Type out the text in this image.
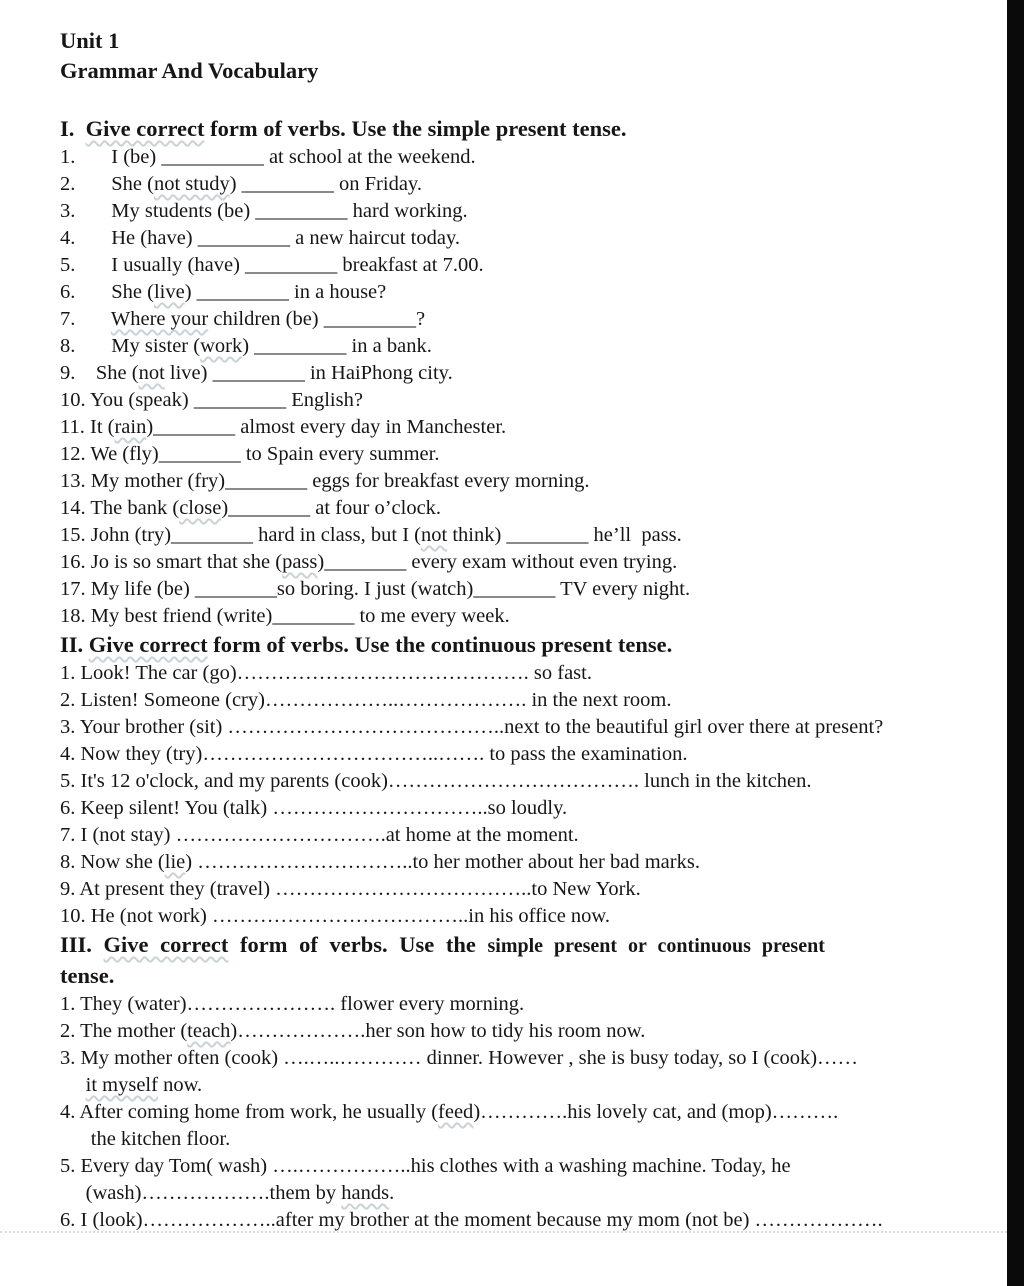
Unit 1
Grammar And Vocabulary
I.  Give correct form of verbs. Use the simple present tense.
1.       I (be) __________ at school at the weekend.
2.       She (not study) _________ on Friday.
3.       My students (be) _________ hard working.
4.       He (have) _________ a new haircut today.
5.       I usually (have) _________ breakfast at 7.00.
6.       She (live) _________ in a house?
7.       Where your children (be) _________?
8.       My sister (work) _________ in a bank.
9.    She (not live) _________ in HaiPhong city.
10. You (speak) _________ English?
11. It (rain)________ almost every day in Manchester.
12. We (fly)________ to Spain every summer.
13. My mother (fry)________ eggs for breakfast every morning.
14. The bank (close)________ at four o’clock.
15. John (try)________ hard in class, but I (not think) ________ he’ll  pass.
16. Jo is so smart that she (pass)________ every exam without even trying.
17. My life (be) ________so boring. I just (watch)________ TV every night.
18. My best friend (write)________ to me every week.
II. Give correct form of verbs. Use the continuous present tense.
1. Look! The car (go)……………………………………. so fast.
2. Listen! Someone (cry)………………..………………. in the next room.
3. Your brother (sit) …………………………………..next to the beautiful girl over there at present?
4. Now they (try)……………………………..……. to pass the examination.
5. It's 12 o'clock, and my parents (cook)………………………………. lunch in the kitchen.
6. Keep silent! You (talk) …………………………..so loudly.
7. I (not stay) ………………………….at home at the moment.
8. Now she (lie) …………………………..to her mother about her bad marks.
9. At present they (travel) ………………………………..to New York.
10. He (not work) ………………………………..in his office now.
III. Give correct form of verbs. Use the simple present or continuous present
tense.
1. They (water)…………………. flower every morning.
2. The mother (teach)……………….her son how to tidy his room now.
3. My mother often (cook) ….…..………… dinner. However , she is busy today, so I (cook)……
it myself now.
4. After coming home from work, he usually (feed)………….his lovely cat, and (mop)……….
the kitchen floor.
5. Every day Tom( wash) ….……………..his clothes with a washing machine. Today, he
(wash)……………….them by hands.
6. I (look)………………..after my brother at the moment because my mom (not be) ……………….
